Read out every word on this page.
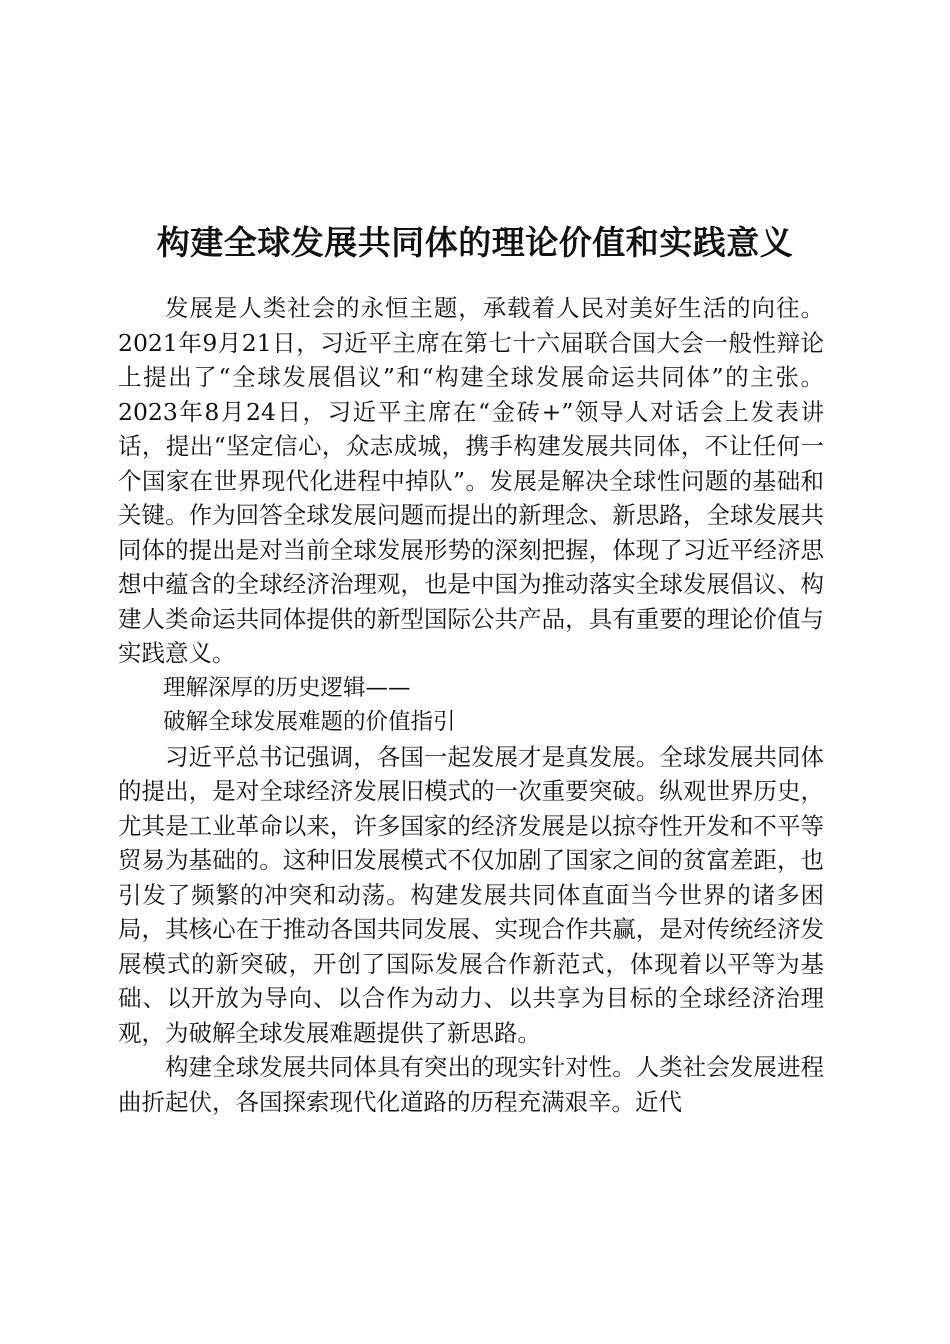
构建全球发展共同体的理论价值和实践意义

发展是人类社会的永恒主题，承载着人民对美好生活的向往。2021年9月21日，习近平主席在第七十六届联合国大会一般性辩论上提出了“全球发展倡议”和“构建全球发展命运共同体”的主张。2023年8月24日，习近平主席在“金砖+”领导人对话会上发表讲话，提出“坚定信心，众志成城，携手构建发展共同体，不让任何一个国家在世界现代化进程中掉队”。发展是解决全球性问题的基础和关键。作为回答全球发展问题而提出的新理念、新思路，全球发展共同体的提出是对当前全球发展形势的深刻把握，体现了习近平经济思想中蕴含的全球经济治理观，也是中国为推动落实全球发展倡议、构建人类命运共同体提供的新型国际公共产品，具有重要的理论价值与实践意义。

理解深厚的历史逻辑——

破解全球发展难题的价值指引

习近平总书记强调，各国一起发展才是真发展。全球发展共同体的提出，是对全球经济发展旧模式的一次重要突破。纵观世界历史，尤其是工业革命以来，许多国家的经济发展是以掠夺性开发和不平等贸易为基础的。这种旧发展模式不仅加剧了国家之间的贫富差距，也引发了频繁的冲突和动荡。构建发展共同体直面当今世界的诸多困局，其核心在于推动各国共同发展、实现合作共赢，是对传统经济发展模式的新突破，开创了国际发展合作新范式，体现着以平等为基础、以开放为导向、以合作为动力、以共享为目标的全球经济治理观，为破解全球发展难题提供了新思路。

构建全球发展共同体具有突出的现实针对性。人类社会发展进程曲折起伏，各国探索现代化道路的历程充满艰辛。近代
